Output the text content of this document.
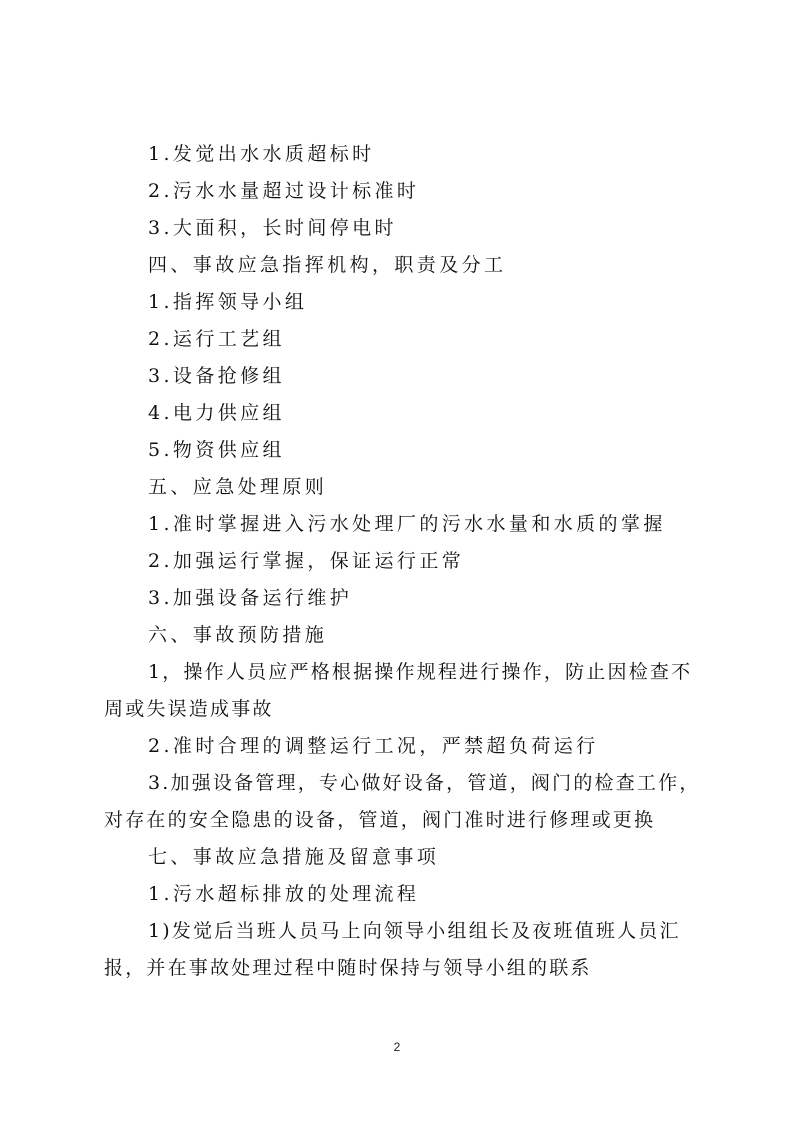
1.发觉出水水质超标时

2.污水水量超过设计标准时

3.大面积，长时间停电时

四、事故应急指挥机构，职责及分工

1.指挥领导小组

2.运行工艺组

3.设备抢修组

4.电力供应组

5.物资供应组

五、应急处理原则

1.准时掌握进入污水处理厂的污水水量和水质的掌握

2.加强运行掌握，保证运行正常

3.加强设备运行维护

六、事故预防措施

1，操作人员应严格根据操作规程进行操作，防止因检查不周或失误造成事故

2.准时合理的调整运行工况，严禁超负荷运行

3.加强设备管理，专心做好设备，管道，阀门的检查工作，对存在的安全隐患的设备，管道，阀门准时进行修理或更换

七、事故应急措施及留意事项

1.污水超标排放的处理流程

1)发觉后当班人员马上向领导小组组长及夜班值班人员汇报，并在事故处理过程中随时保持与领导小组的联系

2
